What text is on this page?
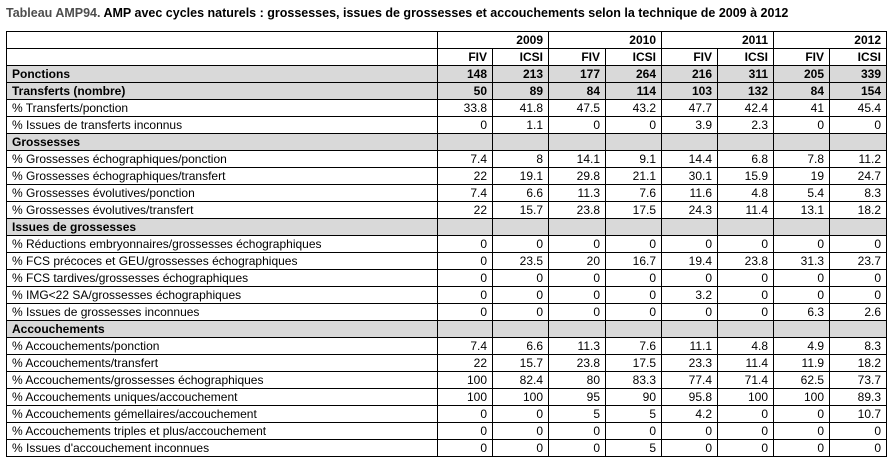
Tableau AMP94. AMP avec cycles naturels : grossesses, issues de grossesses et accouchements selon la technique de 2009 à 2012
	2009		2010		2011		2012	
	FIV	ICSI	FIV	ICSI	FIV	ICSI	FIV	ICSI
Ponctions	148	213	177	264	216	311	205	339
Transferts (nombre)	50	89	84	114	103	132	84	154
% Transferts/ponction	33.8	41.8	47.5	43.2	47.7	42.4	41	45.4
% Issues de transferts inconnus	0	1.1	0	0	3.9	2.3	0	0
Grossesses								
% Grossesses échographiques/ponction	7.4	8	14.1	9.1	14.4	6.8	7.8	11.2
% Grossesses échographiques/transfert	22	19.1	29.8	21.1	30.1	15.9	19	24.7
% Grossesses évolutives/ponction	7.4	6.6	11.3	7.6	11.6	4.8	5.4	8.3
% Grossesses évolutives/transfert	22	15.7	23.8	17.5	24.3	11.4	13.1	18.2
Issues de grossesses								
% Réductions embryonnaires/grossesses échographiques	0	0	0	0	0	0	0	0
% FCS précoces et GEU/grossesses échographiques	0	23.5	20	16.7	19.4	23.8	31.3	23.7
% FCS tardives/grossesses échographiques	0	0	0	0	0	0	0	0
% IMG<22 SA/grossesses échographiques	0	0	0	0	3.2	0	0	0
% Issues de grossesses inconnues	0	0	0	0	0	0	6.3	2.6
Accouchements								
% Accouchements/ponction	7.4	6.6	11.3	7.6	11.1	4.8	4.9	8.3
% Accouchements/transfert	22	15.7	23.8	17.5	23.3	11.4	11.9	18.2
% Accouchements/grossesses échographiques	100	82.4	80	83.3	77.4	71.4	62.5	73.7
% Accouchements uniques/accouchement	100	100	95	90	95.8	100	100	89.3
% Accouchements gémellaires/accouchement	0	0	5	5	4.2	0	0	10.7
% Accouchements triples et plus/accouchement	0	0	0	0	0	0	0	0
% Issues d'accouchement inconnues	0	0	0	5	0	0	0	0
